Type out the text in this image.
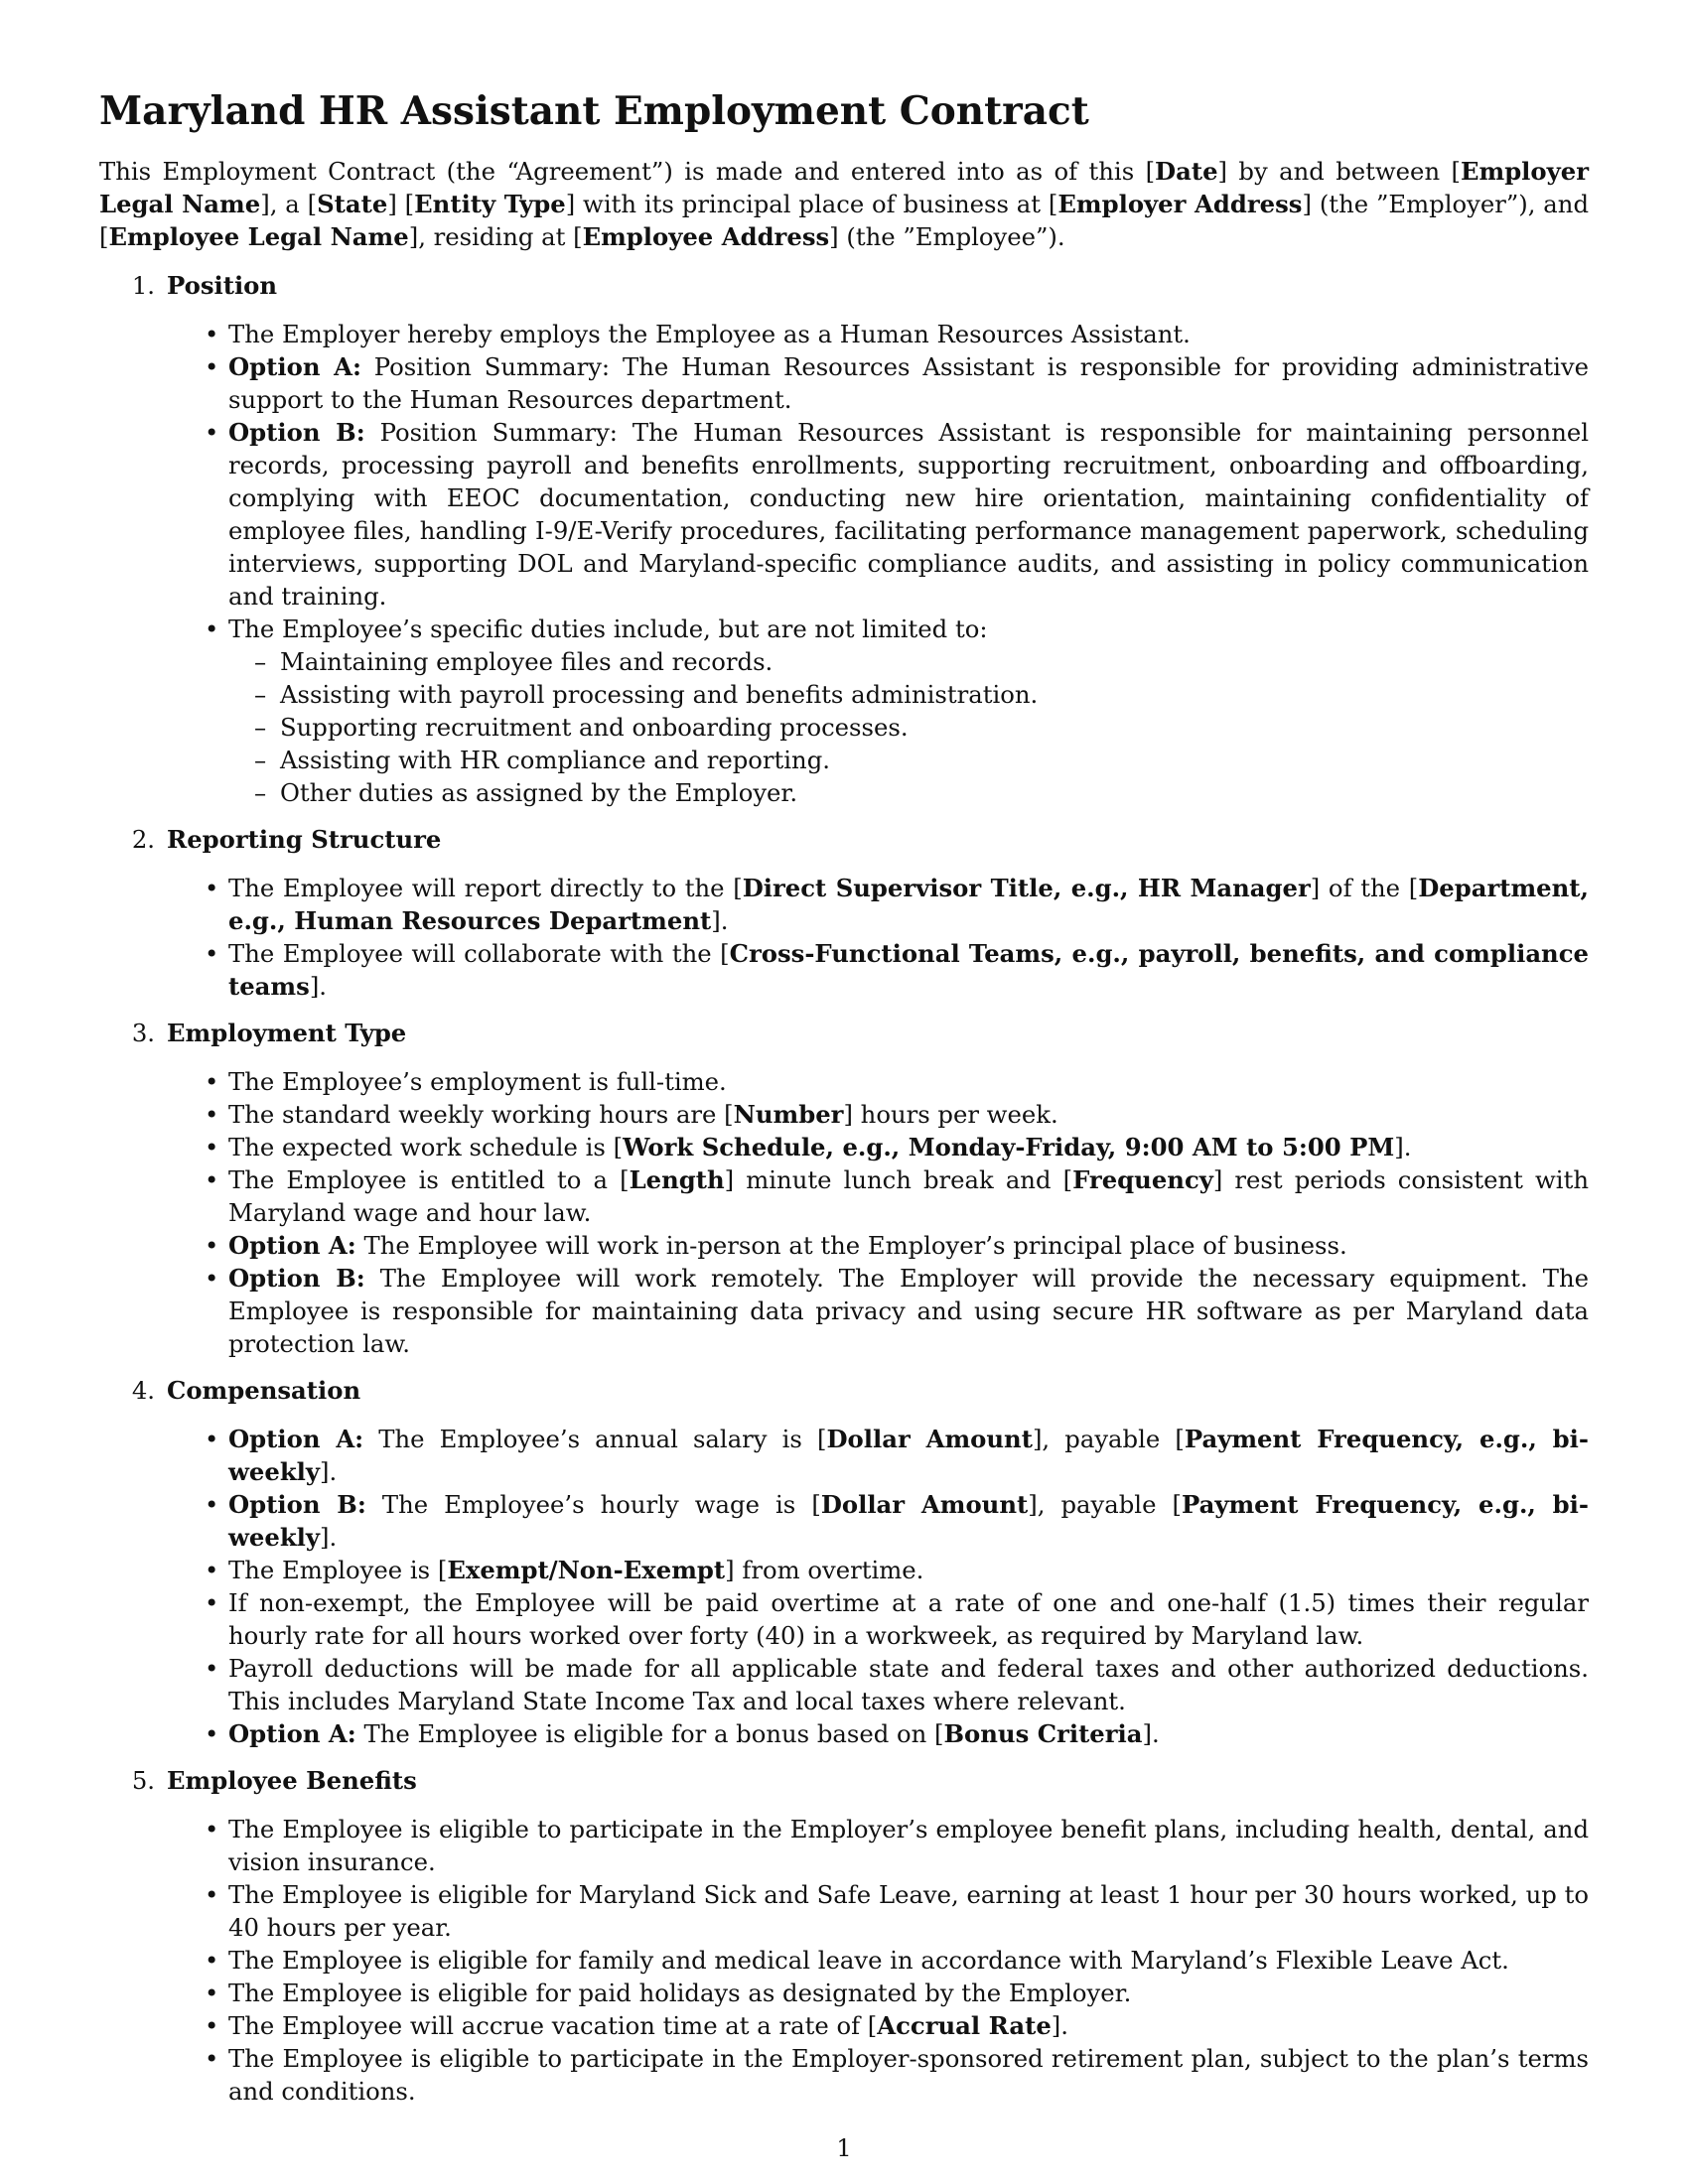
Maryland HR Assistant Employment Contract

This Employment Contract (the “Agreement”) is made and entered into as of this [Date] by and between [Employer Legal Name], a [State] [Entity Type] with its principal place of business at [Employer Address] (the ”Employer”), and [Employee Legal Name], residing at [Employee Address] (the ”Employee”).

1. Position
• The Employer hereby employs the Employee as a Human Resources Assistant.
• Option A: Position Summary: The Human Resources Assistant is responsible for providing administrative support to the Human Resources department.
• Option B: Position Summary: The Human Resources Assistant is responsible for maintaining personnel records, processing payroll and benefits enrollments, supporting recruitment, onboarding and offboarding, complying with EEOC documentation, conducting new hire orientation, maintaining confidentiality of employee files, handling I-9/E-Verify procedures, facilitating performance management paperwork, scheduling interviews, supporting DOL and Maryland-specific compliance audits, and assisting in policy communication and training.
• The Employee’s specific duties include, but are not limited to:
– Maintaining employee files and records.
– Assisting with payroll processing and benefits administration.
– Supporting recruitment and onboarding processes.
– Assisting with HR compliance and reporting.
– Other duties as assigned by the Employer.
2. Reporting Structure
• The Employee will report directly to the [Direct Supervisor Title, e.g., HR Manager] of the [Department, e.g., Human Resources Department].
• The Employee will collaborate with the [Cross-Functional Teams, e.g., payroll, benefits, and compliance teams].
3. Employment Type
• The Employee’s employment is full-time.
• The standard weekly working hours are [Number] hours per week.
• The expected work schedule is [Work Schedule, e.g., Monday-Friday, 9:00 AM to 5:00 PM].
• The Employee is entitled to a [Length] minute lunch break and [Frequency] rest periods consistent with Maryland wage and hour law.
• Option A: The Employee will work in-person at the Employer’s principal place of business.
• Option B: The Employee will work remotely. The Employer will provide the necessary equipment. The Employee is responsible for maintaining data privacy and using secure HR software as per Maryland data protection law.
4. Compensation
• Option A: The Employee’s annual salary is [Dollar Amount], payable [Payment Frequency, e.g., bi-weekly].
• Option B: The Employee’s hourly wage is [Dollar Amount], payable [Payment Frequency, e.g., bi-weekly].
• The Employee is [Exempt/Non-Exempt] from overtime.
• If non-exempt, the Employee will be paid overtime at a rate of one and one-half (1.5) times their regular hourly rate for all hours worked over forty (40) in a workweek, as required by Maryland law.
• Payroll deductions will be made for all applicable state and federal taxes and other authorized deductions. This includes Maryland State Income Tax and local taxes where relevant.
• Option A: The Employee is eligible for a bonus based on [Bonus Criteria].
5. Employee Benefits
• The Employee is eligible to participate in the Employer’s employee benefit plans, including health, dental, and vision insurance.
• The Employee is eligible for Maryland Sick and Safe Leave, earning at least 1 hour per 30 hours worked, up to 40 hours per year.
• The Employee is eligible for family and medical leave in accordance with Maryland’s Flexible Leave Act.
• The Employee is eligible for paid holidays as designated by the Employer.
• The Employee will accrue vacation time at a rate of [Accrual Rate].
• The Employee is eligible to participate in the Employer-sponsored retirement plan, subject to the plan’s terms and conditions.
1
